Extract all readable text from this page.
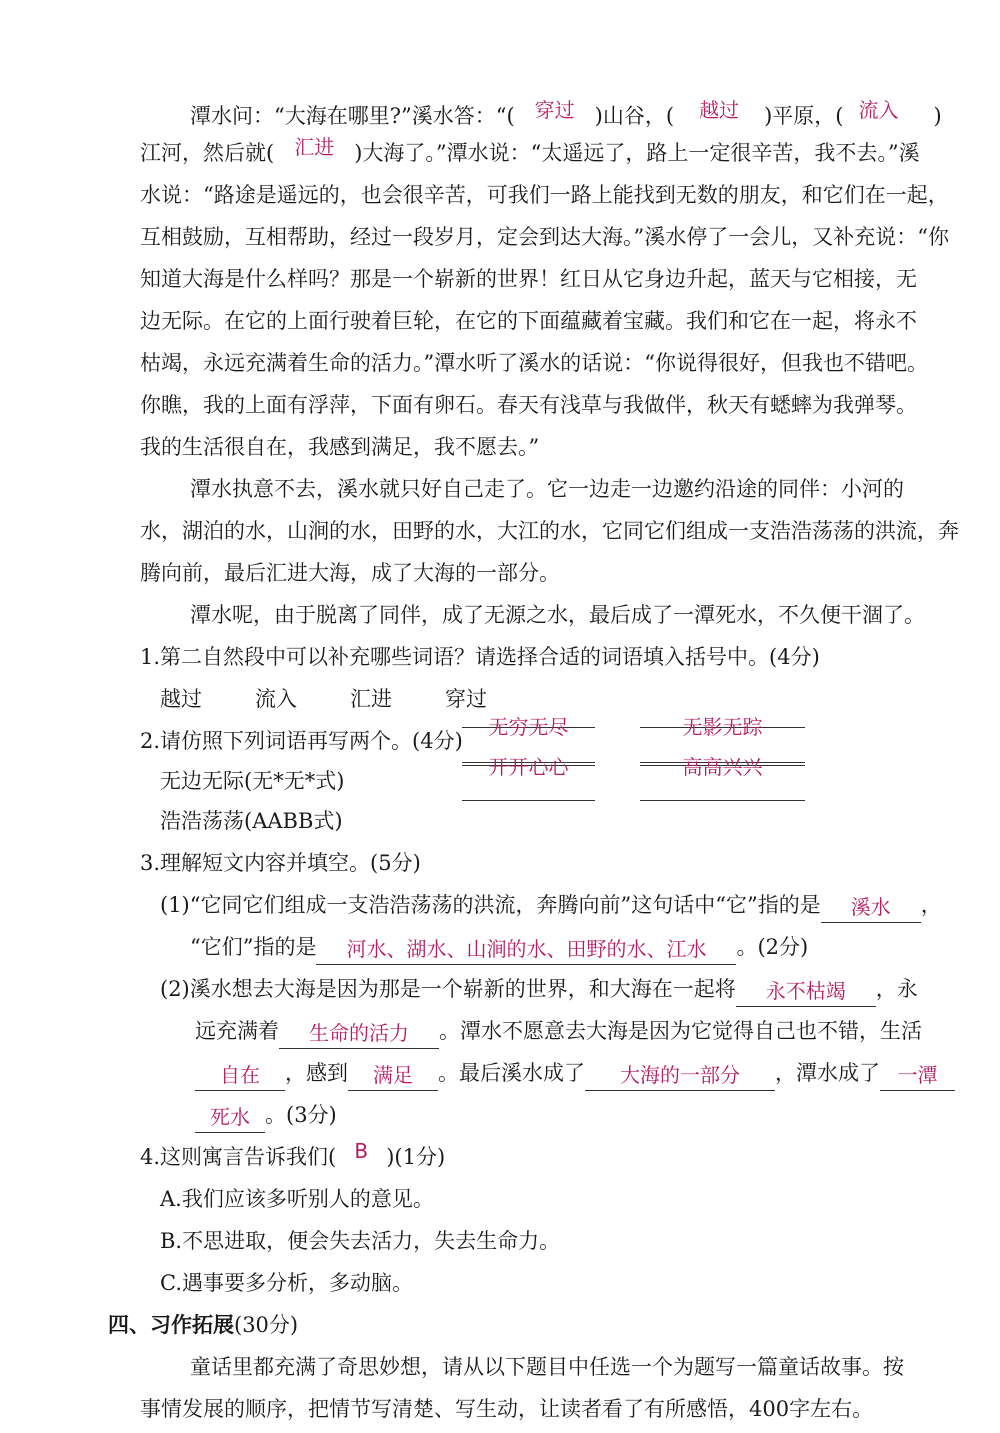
潭水问：“大海在哪里?”溪水答：“( 穿过 )山谷，( 越过 )平原，( 流入 )
江河，然后就( 汇进 )大海了。”潭水说：“太遥远了，路上一定很辛苦，我不去。”溪
水说：“路途是遥远的，也会很辛苦，可我们一路上能找到无数的朋友，和它们在一起，
互相鼓励，互相帮助，经过一段岁月，定会到达大海。”溪水停了一会儿，又补充说：“你
知道大海是什么样吗？那是一个崭新的世界！红日从它身边升起，蓝天与它相接，无
边无际。在它的上面行驶着巨轮，在它的下面蕴藏着宝藏。我们和它在一起，将永不
枯竭，永远充满着生命的活力。”潭水听了溪水的话说：“你说得很好，但我也不错吧。
你瞧，我的上面有浮萍，下面有卵石。春天有浅草与我做伴，秋天有蟋蟀为我弹琴。
我的生活很自在，我感到满足，我不愿去。”
潭水执意不去，溪水就只好自己走了。它一边走一边邀约沿途的同伴：小河的
水，湖泊的水，山涧的水，田野的水，大江的水，它同它们组成一支浩浩荡荡的洪流，奔
腾向前，最后汇进大海，成了大海的一部分。
潭水呢，由于脱离了同伴，成了无源之水，最后成了一潭死水，不久便干涸了。
1.第二自然段中可以补充哪些词语？请选择合适的词语填入括号中。(4分)
越过	流入	汇进	穿过
2.请仿照下列词语再写两个。(4分)
无边无际(无*无*式)
无穷无尽	无影无踪
浩浩荡荡(AABB式)
开开心心	高高兴兴
3.理解短文内容并填空。(5分)
(1)“它同它们组成一支浩浩荡荡的洪流，奔腾向前”这句话中“它”指的是 溪水 ，
“它们”指的是 河水、湖水、山涧的水、田野的水、江水 。(2分)
(2)溪水想去大海是因为那是一个崭新的世界，和大海在一起将 永不枯竭 ，永
远充满着 生命的活力 。潭水不愿意去大海是因为它觉得自己也不错，生活
自在 ，感到 满足 。最后溪水成了 大海的一部分 ，潭水成了 一潭
死水 。(3分)
4.这则寓言告诉我们( B )(1分)
A.我们应该多听别人的意见。
B.不思进取，便会失去活力，失去生命力。
C.遇事要多分析，多动脑。
四、习作拓展(30分)
童话里都充满了奇思妙想，请从以下题目中任选一个为题写一篇童话故事。按
事情发展的顺序，把情节写清楚、写生动，让读者看了有所感悟，400字左右。
